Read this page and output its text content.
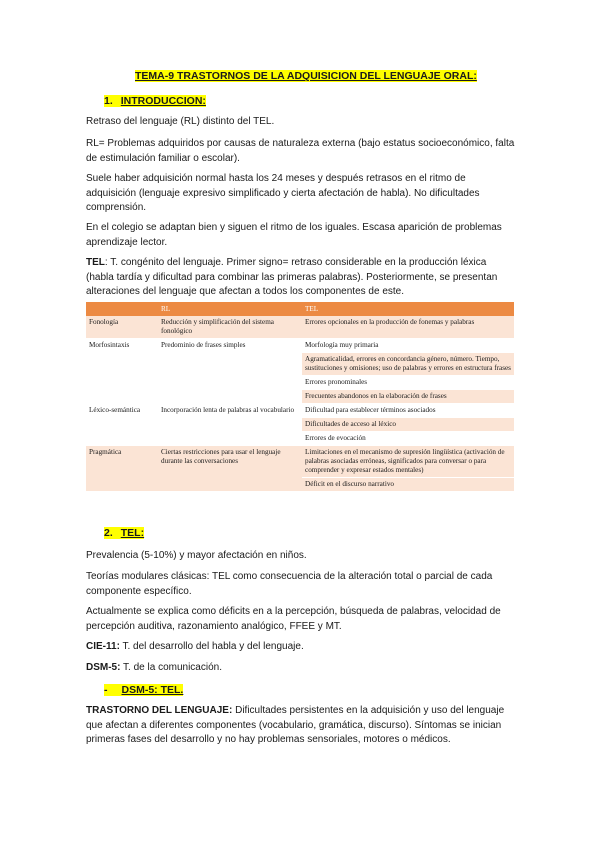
TEMA-9 TRASTORNOS DE LA ADQUISICION DEL LENGUAJE ORAL:
1. INTRODUCCION:
Retraso del lenguaje (RL) distinto del TEL.
RL= Problemas adquiridos por causas de naturaleza externa (bajo estatus socioeconómico, falta de estimulación familiar o escolar).
Suele haber adquisición normal hasta los 24 meses y después retrasos en el ritmo de adquisición (lenguaje expresivo simplificado y cierta afectación de habla). No dificultades comprensión.
En el colegio se adaptan bien y siguen el ritmo de los iguales. Escasa aparición de problemas aprendizaje lector.
TEL: T. congénito del lenguaje. Primer signo= retraso considerable en la producción léxica (habla tardía y dificultad para combinar las primeras palabras). Posteriormente, se presentan alteraciones del lenguaje que afectan a todos los componentes de este.
	RL	TEL
Fonología	Reducción y simplificación del sistema fonológico	Errores opcionales en la producción de fonemas y palabras
Morfosintaxis	Predominio de frases simples	Morfología muy primaria
		Agramaticalidad, errores en concordancia género, número. Tiempo, sustituciones y omisiones; uso de palabras y errores en estructura frases
		Errores pronominales
		Frecuentes abandonos en la elaboración de frases
Léxico-semántica	Incorporación lenta de palabras al vocabulario	Dificultad para establecer términos asociados
		Dificultades de acceso al léxico
		Errores de evocación
Pragmática	Ciertas restricciones para usar el lenguaje durante las conversaciones	Limitaciones en el mecanismo de supresión lingüística (activación de palabras asociadas erróneas, significados para conversar o para comprender y expresar estados mentales)
		Déficit en el discurso narrativo
2. TEL:
Prevalencia (5-10%) y mayor afectación en niños.
Teorías modulares clásicas: TEL como consecuencia de la alteración total o parcial de cada componente específico.
Actualmente se explica como déficits en a la percepción, búsqueda de palabras, velocidad de percepción auditiva, razonamiento analógico, FFEE y MT.
CIE-11: T. del desarrollo del habla y del lenguaje.
DSM-5: T. de la comunicación.
- DSM-5: TEL.
TRASTORNO DEL LENGUAJE: Dificultades persistentes en la adquisición y uso del lenguaje que afectan a diferentes componentes (vocabulario, gramática, discurso). Síntomas se inician primeras fases del desarrollo y no hay problemas sensoriales, motores o médicos.
